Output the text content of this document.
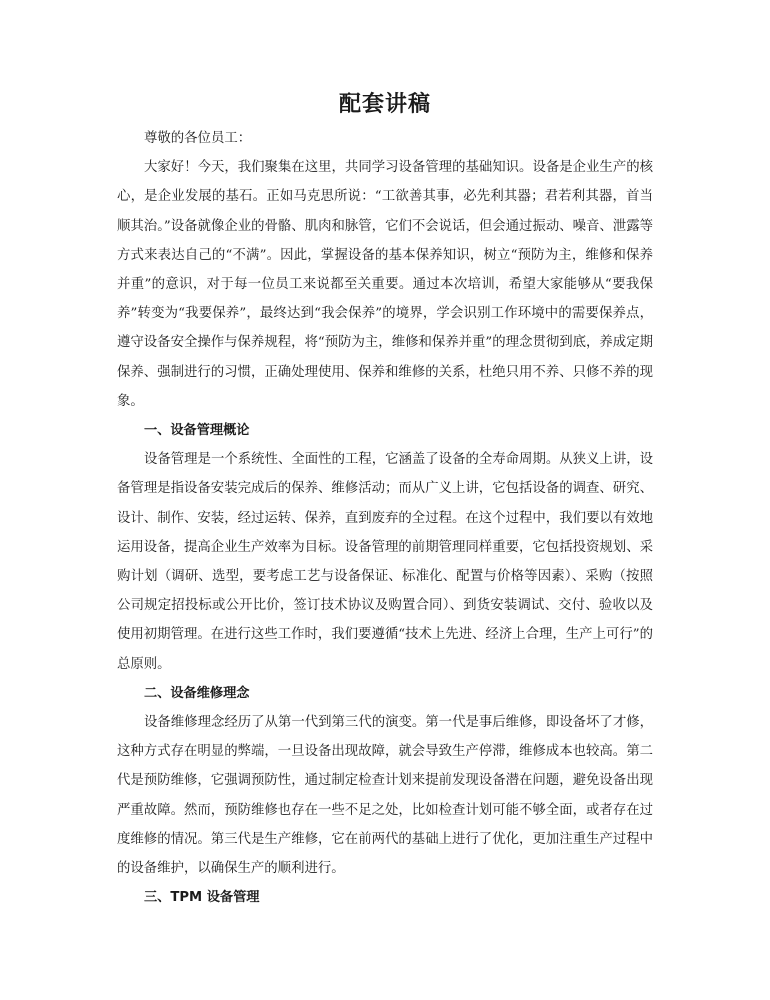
配套讲稿

尊敬的各位员工：

大家好！今天，我们聚集在这里，共同学习设备管理的基础知识。设备是企业生产的核心，是企业发展的基石。正如马克思所说：“工欲善其事，必先利其器；君若利其器，首当顺其治。”设备就像企业的骨骼、肌肉和脉管，它们不会说话，但会通过振动、噪音、泄露等方式来表达自己的“不满”。因此，掌握设备的基本保养知识，树立“预防为主，维修和保养并重”的意识，对于每一位员工来说都至关重要。通过本次培训，希望大家能够从“要我保养”转变为“我要保养”，最终达到“我会保养”的境界，学会识别工作环境中的需要保养点，遵守设备安全操作与保养规程，将“预防为主，维修和保养并重”的理念贯彻到底，养成定期保养、强制进行的习惯，正确处理使用、保养和维修的关系，杜绝只用不养、只修不养的现象。

一、设备管理概论

设备管理是一个系统性、全面性的工程，它涵盖了设备的全寿命周期。从狭义上讲，设备管理是指设备安装完成后的保养、维修活动；而从广义上讲，它包括设备的调查、研究、设计、制作、安装，经过运转、保养，直到废弃的全过程。在这个过程中，我们要以有效地运用设备，提高企业生产效率为目标。设备管理的前期管理同样重要，它包括投资规划、采购计划（调研、选型，要考虑工艺与设备保证、标准化、配置与价格等因素）、采购（按照公司规定招投标或公开比价，签订技术协议及购置合同）、到货安装调试、交付、验收以及使用初期管理。在进行这些工作时，我们要遵循“技术上先进、经济上合理，生产上可行”的总原则。

二、设备维修理念

设备维修理念经历了从第一代到第三代的演变。第一代是事后维修，即设备坏了才修，这种方式存在明显的弊端，一旦设备出现故障，就会导致生产停滞，维修成本也较高。第二代是预防维修，它强调预防性，通过制定检查计划来提前发现设备潜在问题，避免设备出现严重故障。然而，预防维修也存在一些不足之处，比如检查计划可能不够全面，或者存在过度维修的情况。第三代是生产维修，它在前两代的基础上进行了优化，更加注重生产过程中的设备维护，以确保生产的顺利进行。

三、TPM 设备管理
